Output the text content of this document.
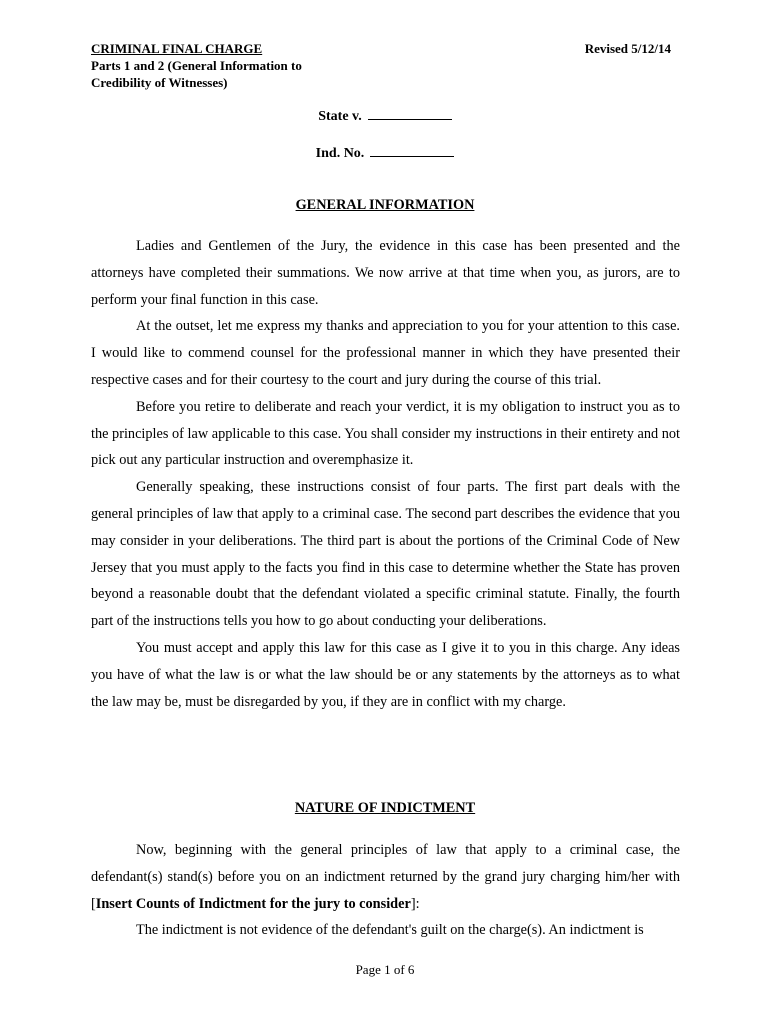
CRIMINAL FINAL CHARGE
Parts 1 and 2 (General Information to
Credibility of Witnesses)
Revised 5/12/14
State v.
Ind. No.
GENERAL INFORMATION

Ladies and Gentlemen of the Jury, the evidence in this case has been presented and the attorneys have completed their summations. We now arrive at that time when you, as jurors, are to perform your final function in this case.

At the outset, let me express my thanks and appreciation to you for your attention to this case. I would like to commend counsel for the professional manner in which they have presented their respective cases and for their courtesy to the court and jury during the course of this trial.

Before you retire to deliberate and reach your verdict, it is my obligation to instruct you as to the principles of law applicable to this case. You shall consider my instructions in their entirety and not pick out any particular instruction and overemphasize it.

Generally speaking, these instructions consist of four parts. The first part deals with the general principles of law that apply to a criminal case. The second part describes the evidence that you may consider in your deliberations. The third part is about the portions of the Criminal Code of New Jersey that you must apply to the facts you find in this case to determine whether the State has proven beyond a reasonable doubt that the defendant violated a specific criminal statute. Finally, the fourth part of the instructions tells you how to go about conducting your deliberations.

You must accept and apply this law for this case as I give it to you in this charge. Any ideas you have of what the law is or what the law should be or any statements by the attorneys as to what the law may be, must be disregarded by you, if they are in conflict with my charge.

NATURE OF INDICTMENT

Now, beginning with the general principles of law that apply to a criminal case, the defendant(s) stand(s) before you on an indictment returned by the grand jury charging him/her with [Insert Counts of Indictment for the jury to consider]:

The indictment is not evidence of the defendant's guilt on the charge(s). An indictment is

Page 1 of 6
